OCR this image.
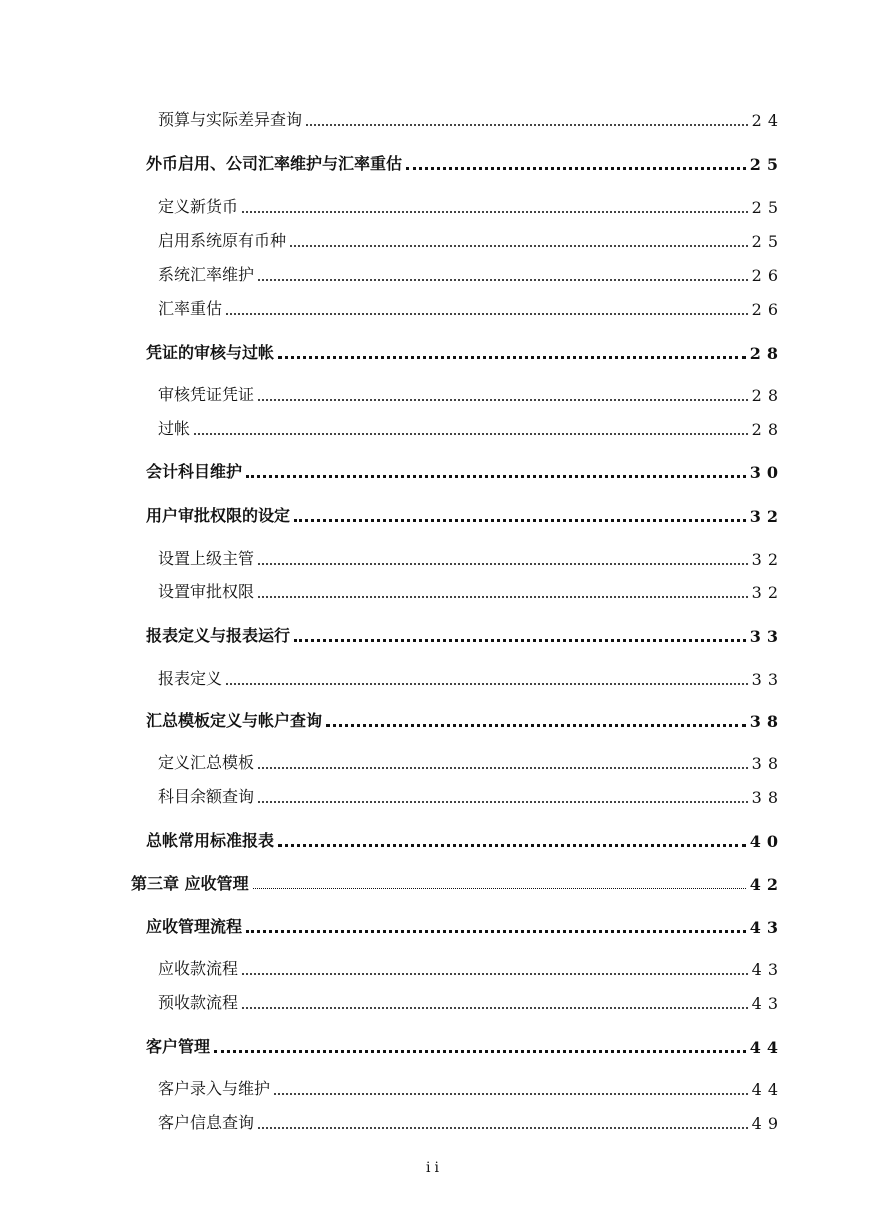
预算与实际差异查询	24
外币启用、公司汇率维护与汇率重估	25
定义新货币	25
启用系统原有币种	25
系统汇率维护	26
汇率重估	26
凭证的审核与过帐	28
审核凭证凭证	28
过帐	28
会计科目维护	30
用户审批权限的设定	32
设置上级主管	32
设置审批权限	32
报表定义与报表运行	33
报表定义	33
汇总模板定义与帐户查询	38
定义汇总模板	38
科目余额查询	38
总帐常用标准报表	40
第三章 应收管理	42
应收管理流程	43
应收款流程	43
预收款流程	43
客户管理	44
客户录入与维护	44
客户信息查询	49
ii
